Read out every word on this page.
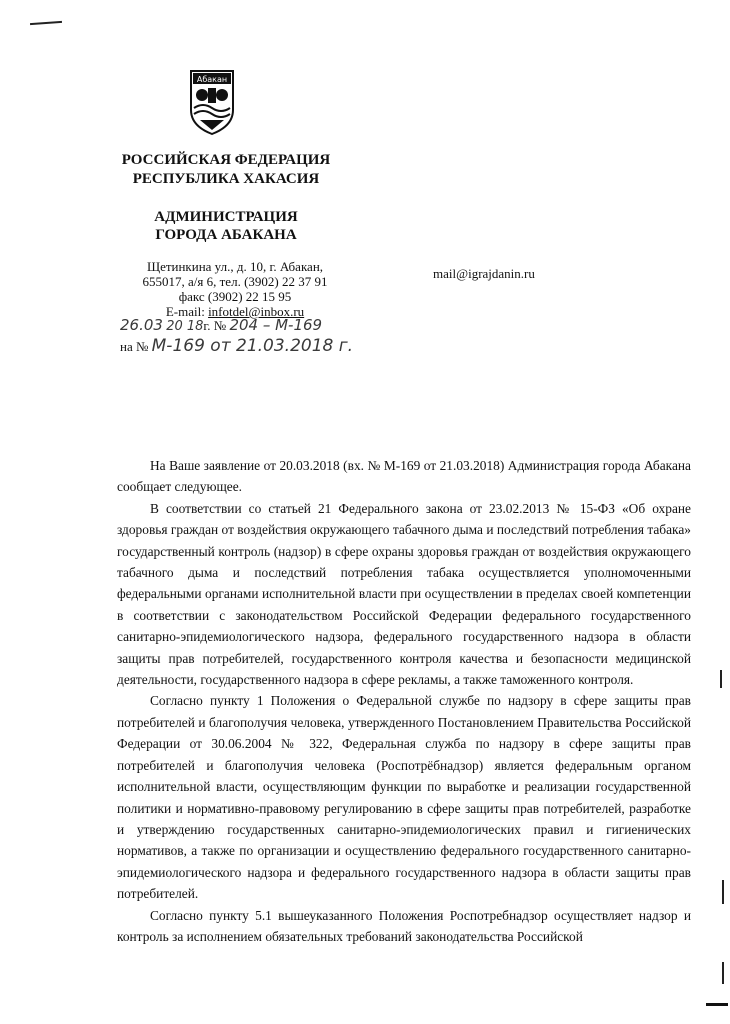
Абакан
РОССИЙСКАЯ ФЕДЕРАЦИЯ
РЕСПУБЛИКА ХАКАСИЯ
АДМИНИСТРАЦИЯ
ГОРОДА АБАКАНА
Щетинкина ул., д. 10, г. Абакан,
655017, а/я 6, тел. (3902) 22 37 91
факс (3902) 22 15 95
E-mail: infotdel@inbox.ru
mail@igrajdanin.ru
26.03 20 18г. № 204 – М-169
на № М-169 от 21.03.2018 г.

На Ваше заявление от 20.03.2018 (вх. № М-169 от 21.03.2018) Администрация города Абакана сообщает следующее.

В соответствии со статьей 21 Федерального закона от 23.02.2013 № 15-ФЗ «Об охране здоровья граждан от воздействия окружающего табачного дыма и последствий потребления табака» государственный контроль (надзор) в сфере охраны здоровья граждан от воздействия окружающего табачного дыма и последствий потребления табака осуществляется уполномоченными федеральными органами исполнительной власти при осуществлении в пределах своей компетенции в соответствии с законодательством Российской Федерации федерального государственного санитарно-эпидемиологического надзора, федерального государственного надзора в области защиты прав потребителей, государственного контроля качества и безопасности медицинской деятельности, государственного надзора в сфере рекламы, а также таможенного контроля.

Согласно пункту 1 Положения о Федеральной службе по надзору в сфере защиты прав потребителей и благополучия человека, утвержденного Постановлением Правительства Российской Федерации от 30.06.2004 № 322, Федеральная служба по надзору в сфере защиты прав потребителей и благополучия человека (Роспотрёбнадзор) является федеральным органом исполнительной власти, осуществляющим функции по выработке и реализации государственной политики и нормативно-правовому регулированию в сфере защиты прав потребителей, разработке и утверждению государственных санитарно-эпидемиологических правил и гигиенических нормативов, а также по организации и осуществлению федерального государственного санитарно-эпидемиологического надзора и федерального государственного надзора в области защиты прав потребителей.

Согласно пункту 5.1 вышеуказанного Положения Роспотребнадзор осуществляет надзор и контроль за исполнением обязательных требований законодательства Российской
